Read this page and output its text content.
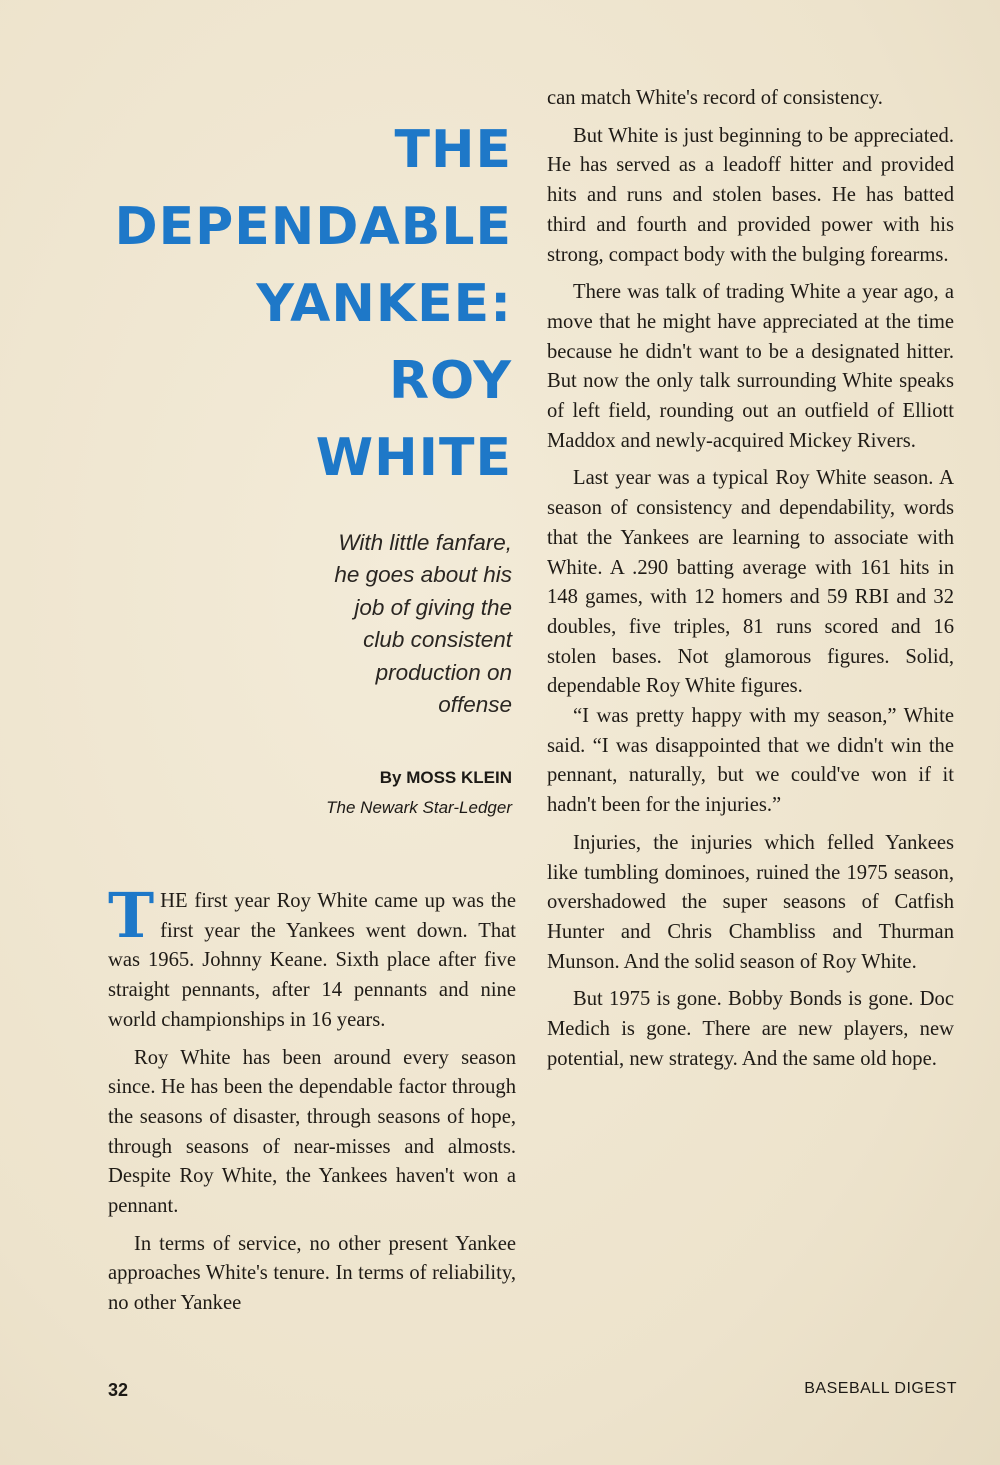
THE
DEPENDABLE
YANKEE:
ROY
WHITE
With little fanfare,
he goes about his
job of giving the
club consistent
production on
offense
By MOSS KLEIN
The Newark Star-Ledger

THE first year Roy White came up was the first year the Yankees went down. That was 1965. Johnny Keane. Sixth place after five straight pennants, after 14 pennants and nine world championships in 16 years.

Roy White has been around every season since. He has been the dependable factor through the seasons of disaster, through seasons of hope, through seasons of near-misses and almosts. Despite Roy White, the Yankees haven't won a pennant.

In terms of service, no other present Yankee approaches White's tenure. In terms of reliability, no other Yankee

can match White's record of consistency.

But White is just beginning to be appreciated. He has served as a leadoff hitter and provided hits and runs and stolen bases. He has batted third and fourth and provided power with his strong, compact body with the bulging forearms.

There was talk of trading White a year ago, a move that he might have appreciated at the time because he didn't want to be a designated hitter. But now the only talk surrounding White speaks of left field, rounding out an outfield of Elliott Maddox and newly-acquired Mickey Rivers.

Last year was a typical Roy White season. A season of consistency and dependability, words that the Yankees are learning to associate with White. A .290 batting average with 161 hits in 148 games, with 12 homers and 59 RBI and 32 doubles, five triples, 81 runs scored and 16 stolen bases. Not glamorous figures. Solid, dependable Roy White figures.

“I was pretty happy with my season,” White said. “I was disappointed that we didn't win the pennant, naturally, but we could've won if it hadn't been for the injuries.”

Injuries, the injuries which felled Yankees like tumbling dominoes, ruined the 1975 season, overshadowed the super seasons of Catfish Hunter and Chris Chambliss and Thurman Munson. And the solid season of Roy White.

But 1975 is gone. Bobby Bonds is gone. Doc Medich is gone. There are new players, new potential, new strategy. And the same old hope.

32	BASEBALL DIGEST
